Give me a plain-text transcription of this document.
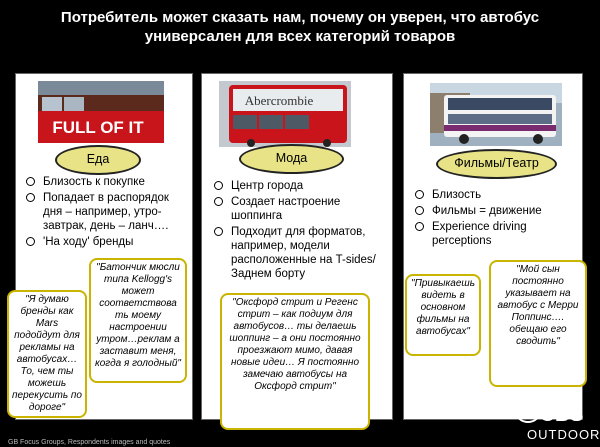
Потребитель может сказать нам, почему он уверен, что автобус
универсален для всех категорий товаров
FULL OF IT
Abercrombie
Еда	Мода	Фильмы/Театр
Близость к покупке
Попадает в распорядок дня – например, утро-завтрак, день – ланч….
'На ходу' бренды
Центр города
Создает настроение шоппинга
Подходит для форматов, например, модели расположенные на T-sides/Заднем борту
Близость
Фильмы = движение
Experience driving perceptions
"Я думаю бренды как Mars подойдут для рекламы на автобусах… То, чем ты можешь перекусить по дороге"
"Батончик мюсли типа Kellogg's может соответствова ть моему настроении утром…реклам а заставит меня, когда я голодный"
"Оксфорд стрит и Регенс стрит – как подиум для автобусов… ты делаешь шоппинг – а они постоянно проезжают мимо, давая новые идеи… Я постоянно замечаю автобусы на Оксфорд стрит"
"Привыкаешь видеть в основном фильмы на автобусах"
"Мой сын постоянно указывает на автобус с Мерри Поппинс…. обещаю его сводить"
GB Focus Groups, Respondents images and quotes
CBS
OUTDOOR
